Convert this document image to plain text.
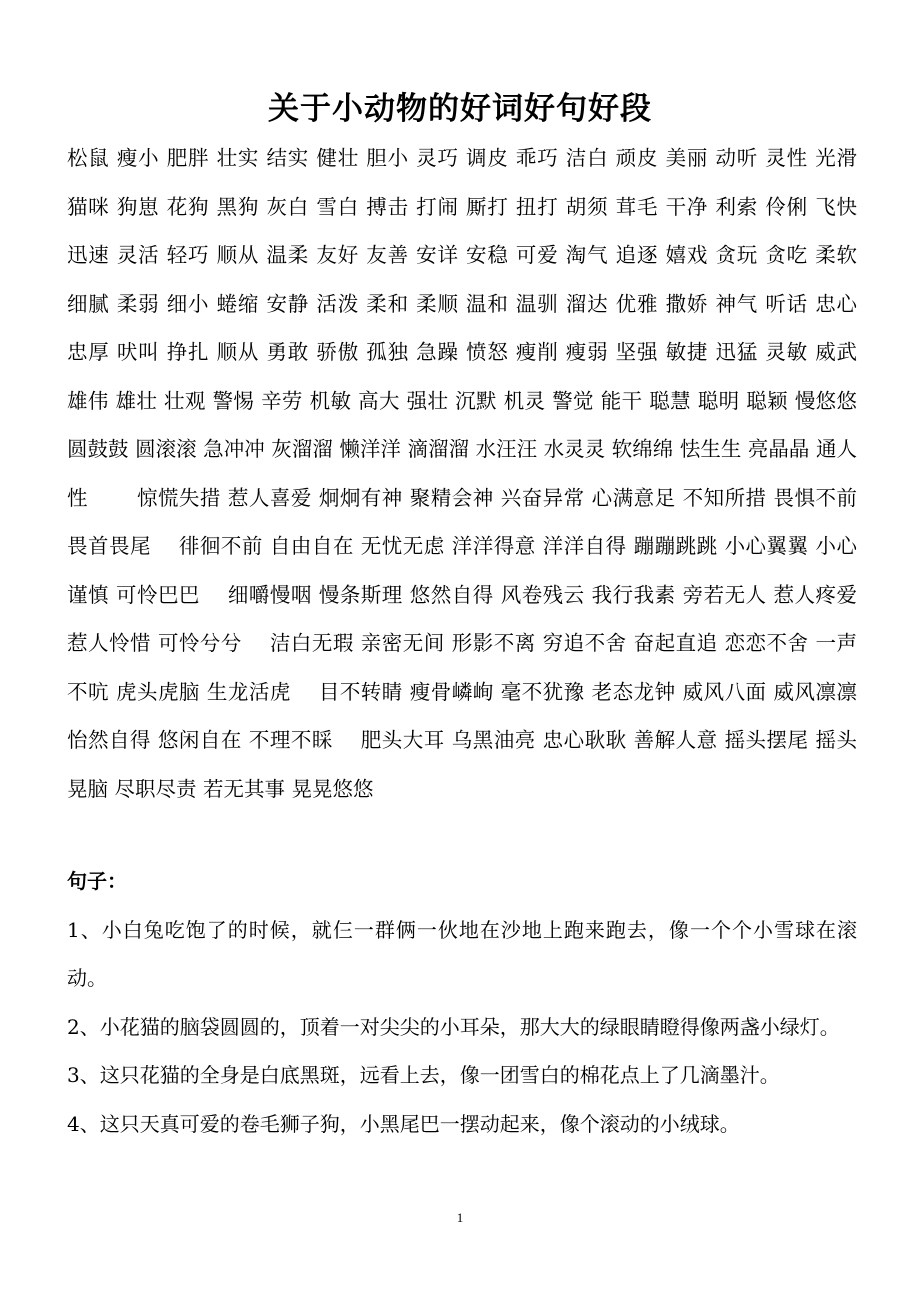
关于小动物的好词好句好段
松鼠 瘦小 肥胖 壮实 结实 健壮 胆小 灵巧 调皮 乖巧 洁白 顽皮 美丽 动听 灵性 光滑　 猫咪 狗崽 花狗 黑狗 灰白 雪白 搏击 打闹 厮打 扭打 胡须 茸毛 干净 利索 伶俐 飞快　 迅速 灵活 轻巧 顺从 温柔 友好 友善 安详 安稳 可爱 淘气 追逐 嬉戏 贪玩 贪吃 柔软　 细腻 柔弱 细小 蜷缩 安静 活泼 柔和 柔顺 温和 温驯 溜达 优雅 撒娇 神气 听话 忠心　 忠厚 吠叫 挣扎 顺从 勇敢 骄傲 孤独 急躁 愤怒 瘦削 瘦弱 坚强 敏捷 迅猛 灵敏 威武　 雄伟 雄壮 壮观 警惕 辛劳 机敏 高大 强壮 沉默 机灵 警觉 能干 聪慧 聪明 聪颖 慢悠悠　　 圆鼓鼓 圆滚滚 急冲冲 灰溜溜 懒洋洋 滴溜溜 水汪汪 水灵灵 软绵绵 怯生生 亮晶晶 通人性　　 惊慌失措 惹人喜爱 炯炯有神 聚精会神 兴奋异常 心满意足 不知所措 畏惧不前 畏首畏尾　 徘徊不前 自由自在 无忧无虑 洋洋得意 洋洋自得 蹦蹦跳跳 小心翼翼 小心谨慎 可怜巴巴　 细嚼慢咽 慢条斯理 悠然自得 风卷残云 我行我素 旁若无人 惹人疼爱 惹人怜惜 可怜兮兮　 洁白无瑕 亲密无间 形影不离 穷追不舍 奋起直追 恋恋不舍 一声不吭 虎头虎脑 生龙活虎　 目不转睛 瘦骨嶙峋 毫不犹豫 老态龙钟 威风八面 威风凛凛 怡然自得 悠闲自在 不理不睬　 肥头大耳 乌黑油亮 忠心耿耿 善解人意 摇头摆尾 摇头晃脑 尽职尽责 若无其事 晃晃悠悠
句子：

1、小白兔吃饱了的时候，就仨一群俩一伙地在沙地上跑来跑去，像一个个小雪球在滚动。

2、小花猫的脑袋圆圆的，顶着一对尖尖的小耳朵，那大大的绿眼睛瞪得像两盏小绿灯。

3、这只花猫的全身是白底黑斑，远看上去，像一团雪白的棉花点上了几滴墨汁。

4、这只天真可爱的卷毛狮子狗，小黑尾巴一摆动起来，像个滚动的小绒球。

1
